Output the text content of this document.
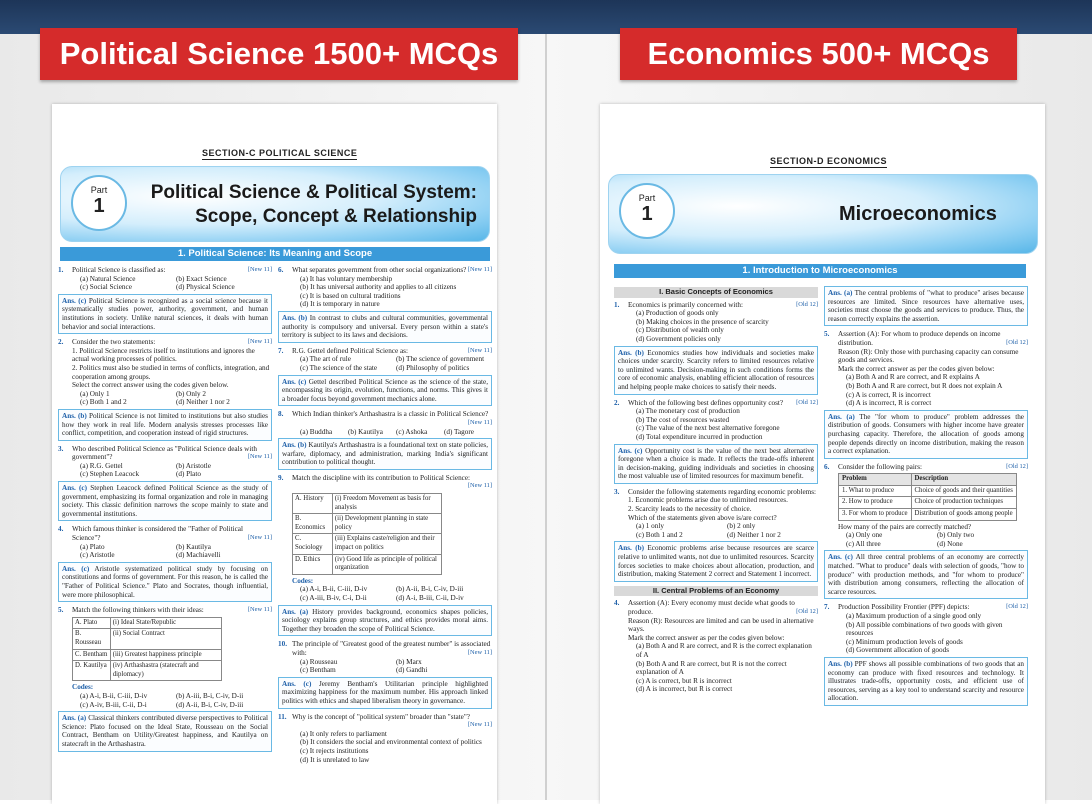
Political Science 1500+ MCQs	Economics 500+ MCQs
SECTION-C POLITICAL SCIENCE
Part
1
Political Science & Political System:
Scope, Concept & Relationship
1. Political Science: Its Meaning and Scope
1.	Political Science is classified as:	[New 11]
(a) Natural Science	(b) Exact Science
(c) Social Science	(d) Physical Science
Ans. (c) Political Science is recognized as a social science because it systematically studies power, authority, government, and human institutions in society. Unlike natural sciences, it deals with human behavior and social interactions.
2.	Consider the two statements:	[New 11]
1. Political Science restricts itself to institutions and ignores the actual working processes of politics.
2. Politics must also be studied in terms of conflicts, integration, and cooperation among groups.
Select the correct answer using the codes given below.
(a) Only 1	(b) Only 2
(c) Both 1 and 2	(d) Neither 1 nor 2
Ans. (b) Political Science is not limited to institutions but also studies how they work in real life. Modern analysis stresses processes like conflict, competition, and cooperation instead of rigid structures.
3.	Who described Political Science as "Political Science deals with government"?	[New 11]
(a) R.G. Gettel	(b) Aristotle
(c) Stephen Leacock	(d) Plato
Ans. (c) Stephen Leacock defined Political Science as the study of government, emphasizing its formal organization and role in managing society. This classic definition narrows the scope mainly to state and governmental institutions.
4.	Which famous thinker is considered the "Father of Political Science"?	[New 11]
(a) Plato	(b) Kautilya
(c) Aristotle	(d) Machiavelli
Ans. (c) Aristotle systematized political study by focusing on constitutions and forms of government. For this reason, he is called the "Father of Political Science." Plato and Socrates, though influential, were more philosophical.
5.	Match the following thinkers with their ideas:	[New 11]
A. Plato	(i) Ideal State/Republic
B. Rousseau	(ii) Social Contract
C. Bentham	(iii) Greatest happiness principle
D. Kautilya	(iv) Arthashastra (statecraft and diplomacy)
Codes:
(a) A-i, B-ii, C-iii, D-iv	(b) A-iii, B-i, C-iv, D-ii
(c) A-iv, B-iii, C-ii, D-i	(d) A-ii, B-i, C-iv, D-iii
Ans. (a) Classical thinkers contributed diverse perspectives to Political Science: Plato focused on the Ideal State, Rousseau on the Social Contract, Bentham on Utility/Greatest happiness, and Kautilya on statecraft in the Arthashastra.
6.	What separates government from other social organizations? [New 11]
(a) It has voluntary membership
(b) It has universal authority and applies to all citizens
(c) It is based on cultural traditions
(d) It is temporary in nature
Ans. (b) In contrast to clubs and cultural communities, governmental authority is compulsory and universal. Every person within a state's territory is subject to its laws and decisions.
7.	R.G. Gettel defined Political Science as:	[New 11]
(a) The art of rule	(b) The science of government
(c) The science of the state	(d) Philosophy of politics
Ans. (c) Gettel described Political Science as the science of the state, encompassing its origin, evolution, functions, and norms. This gives it a broader focus beyond government mechanics alone.
8.	Which Indian thinker's Arthashastra is a classic in Political Science?
[New 11]
(a) Buddha	(b) Kautilya	(c) Ashoka	(d) Tagore
Ans. (b) Kautilya's Arthashastra is a foundational text on state policies, warfare, diplomacy, and administration, marking India's significant contribution to political thought.
9.	Match the discipline with its contribution to Political Science:
[New 11]
A. History	(i) Freedom Movement as basis for analysis
B. Economics	(ii) Development planning in state policy
C. Sociology	(iii) Explains caste/religion and their impact on politics
D. Ethics	(iv) Good life as principle of political organization
Codes:
(a) A-i, B-ii, C-iii, D-iv	(b) A-ii, B-i, C-iv, D-iii
(c) A-iii, B-iv, C-i, D-ii	(d) A-i, B-iii, C-ii, D-iv
Ans. (a) History provides background, economics shapes policies, sociology explains group structures, and ethics provides moral aims. Together they broaden the scope of Political Science.
10. The principle of "Greatest good of the greatest number" is associated with:	[New 11]
(a) Rousseau	(b) Marx
(c) Bentham	(d) Gandhi
Ans. (c) Jeremy Bentham's Utilitarian principle highlighted maximizing happiness for the maximum number. His approach linked politics with ethics and shaped liberalism theory in governance.
11. Why is the concept of "political system" broader than "state"?
[New 11]
(a) It only refers to parliament
(b) It considers the social and environmental context of politics
(c) It rejects institutions
(d) It is unrelated to law
SECTION-D ECONOMICS
Part
1	Microeconomics
1. Introduction to Microeconomics
I. Basic Concepts of Economics
1.	Economics is primarily concerned with:	[Old 12]
(a) Production of goods only
(b) Making choices in the presence of scarcity
(c) Distribution of wealth only
(d) Government policies only
Ans. (b) Economics studies how individuals and societies make choices under scarcity. Scarcity refers to limited resources relative to unlimited wants. Decision-making in such conditions forms the core of economic analysis, enabling efficient allocation of resources and helping people make choices to satisfy their needs.
2.	Which of the following best defines opportunity cost? [Old 12]
(a) The monetary cost of production
(b) The cost of resources wasted
(c) The value of the next best alternative foregone
(d) Total expenditure incurred in production
Ans. (c) Opportunity cost is the value of the next best alternative foregone when a choice is made. It reflects the trade-offs inherent in decision-making, guiding individuals and societies in choosing the most valuable use of limited resources for maximum benefit.
3.	Consider the following statements regarding economic problems:
1. Economic problems arise due to unlimited resources.
2. Scarcity leads to the necessity of choice.
Which of the statements given above is/are correct?
(a) 1 only	(b) 2 only
(c) Both 1 and 2	(d) Neither 1 nor 2
Ans. (b) Economic problems arise because resources are scarce relative to unlimited wants, not due to unlimited resources. Scarcity forces societies to make choices about allocation, production, and distribution, making Statement 2 correct and Statement 1 incorrect.
II. Central Problems of an Economy
4.	Assertion (A): Every economy must decide what goods to produce.	[Old 12]
Reason (R): Resources are limited and can be used in alternative ways.
Mark the correct answer as per the codes given below:
(a) Both A and R are correct, and R is the correct explanation of A
(b) Both A and R are correct, but R is not the correct explanation of A
(c) A is correct, but R is incorrect
(d) A is incorrect, but R is correct
Ans. (a) The central problems of "what to produce" arises because resources are limited. Since resources have alternative uses, societies must choose the goods and services to produce. Thus, the reason correctly explains the assertion.
5.	Assertion (A): For whom to produce depends on income distribution.	[Old 12]
Reason (R): Only those with purchasing capacity can consume goods and services.
Mark the correct answer as per the codes given below:
(a) Both A and R are correct, and R explains A
(b) Both A and R are correct, but R does not explain A
(c) A is correct, R is incorrect
(d) A is incorrect, R is correct
Ans. (a) The "for whom to produce" problem addresses the distribution of goods. Consumers with higher income have greater purchasing capacity. Therefore, the allocation of goods among people depends directly on income distribution, making the reason a correct explanation.
6.	Consider the following pairs:	[Old 12]
Problem	Description
1. What to produce	Choice of goods and their quantities
2. How to produce	Choice of production techniques
3. For whom to produce	Distribution of goods among people
How many of the pairs are correctly matched?
(a) Only one	(b) Only two
(c) All three	(d) None
Ans. (c) All three central problems of an economy are correctly matched. "What to produce" deals with selection of goods, "how to produce" with production methods, and "for whom to produce" with distribution among consumers, reflecting the allocation of scarce resources.
7.	Production Possibility Frontier (PPF) depicts:	[Old 12]
(a) Maximum production of a single good only
(b) All possible combinations of two goods with given resources
(c) Minimum production levels of goods
(d) Government allocation of goods
Ans. (b) PPF shows all possible combinations of two goods that an economy can produce with fixed resources and technology. It illustrates trade-offs, opportunity costs, and efficient use of resources, serving as a key tool to understand scarcity and resource allocation.
